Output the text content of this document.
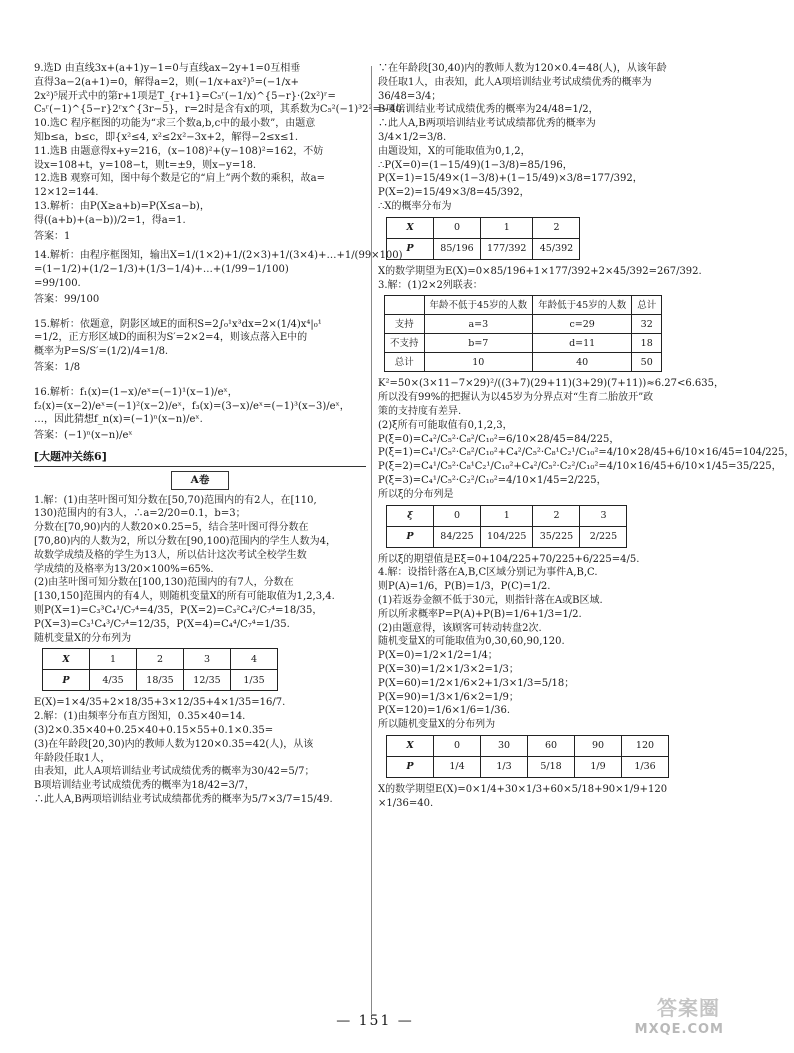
9.选D 由直线3x+(a+1)y−1=0与直线ax−2y+1=0互相垂

直得3a−2(a+1)=0，解得a=2，则(−1/x+ax²)⁵=(−1/x+

2x²)⁵展开式中的第r+1项是T_{r+1}=C₅ʳ(−1/x)^{5−r}·(2x²)ʳ=

C₅ʳ(−1)^{5−r}2ʳx^{3r−5}，r=2时是含有x的项，其系数为C₅²(−1)³2²=−40.

10.选C 程序框图的功能为“求三个数a,b,c中的最小数”，由题意

知b≤a，b≤c，即{x²≤4, x²≤2x²−3x+2，解得−2≤x≤1.

11.选B 由题意得x+y=216，(x−108)²+(y−108)²=162，不妨

设x=108+t，y=108−t，则t=±9，则x−y=18.

12.选B 观察可知，图中每个数是它的“肩上”两个数的乘积，故a=

12×12=144.

13.解析：由P(X≥a+b)=P(X≤a−b)，

得((a+b)+(a−b))/2=1，得a=1.

答案：1

14.解析：由程序框图知，输出X=1/(1×2)+1/(2×3)+1/(3×4)+…+1/(99×100)

=(1−1/2)+(1/2−1/3)+(1/3−1/4)+…+(1/99−1/100)

=99/100.

答案：99/100

15.解析：依题意，阴影区域E的面积S=2∫₀¹x³dx=2×(1/4)x⁴|₀¹

=1/2，正方形区域D的面积为S′=2×2=4，则该点落入E中的

概率为P=S/S′=(1/2)/4=1/8.

答案：1/8

16.解析：f₁(x)=(1−x)/eˣ=(−1)¹(x−1)/eˣ，

f₂(x)=(x−2)/eˣ=(−1)²(x−2)/eˣ，f₃(x)=(3−x)/eˣ=(−1)³(x−3)/eˣ，

…，因此猜想f_n(x)=(−1)ⁿ(x−n)/eˣ.

答案：(−1)ⁿ(x−n)/eˣ

[大题冲关练6]
A卷

1.解：(1)由茎叶图可知分数在[50,70)范围内的有2人，在[110,

130)范围内的有3人，∴a=2/20=0.1，b=3；

分数在[70,90)内的人数20×0.25=5，结合茎叶图可得分数在

[70,80)内的人数为2，所以分数在[90,100)范围内的学生人数为4，

故数学成绩及格的学生为13人，所以估计这次考试全校学生数

学成绩的及格率为13/20×100%=65%.

(2)由茎叶图可知分数在[100,130)范围内的有7人，分数在

[130,150]范围内的有4人，则随机变量X的所有可能取值为1,2,3,4.

则P(X=1)=C₃³C₄¹/C₇⁴=4/35，P(X=2)=C₃²C₄²/C₇⁴=18/35，

P(X=3)=C₃¹C₄³/C₇⁴=12/35，P(X=4)=C₄⁴/C₇⁴=1/35.

随机变量X的分布列为

X	1	2	3	4
P	4/35	18/35	12/35	1/35

E(X)=1×4/35+2×18/35+3×12/35+4×1/35=16/7.

2.解：(1)由频率分布直方图知，0.35×40=14.

(3)2×0.35×40+0.25×40+0.15×55+0.1×0.35=

(3)在年龄段[20,30)内的教师人数为120×0.35=42(人)，从该

年龄段任取1人，

由表知，此人A项培训结业考试成绩优秀的概率为30/42=5/7；

B项培训结业考试成绩优秀的概率为18/42=3/7，

∴此人A,B两项培训结业考试成绩都优秀的概率为5/7×3/7=15/49.

∵在年龄段[30,40)内的教师人数为120×0.4=48(人)，从该年龄

段任取1人，由表知，此人A项培训结业考试成绩优秀的概率为

36/48=3/4；

B项培训结业考试成绩优秀的概率为24/48=1/2，

∴此人A,B两项培训结业考试成绩都优秀的概率为

3/4×1/2=3/8.

由题设知，X的可能取值为0,1,2，

∴P(X=0)=(1−15/49)(1−3/8)=85/196，

P(X=1)=15/49×(1−3/8)+(1−15/49)×3/8=177/392，

P(X=2)=15/49×3/8=45/392，

∴X的概率分布为

X	0	1	2
P	85/196	177/392	45/392

X的数学期望为E(X)=0×85/196+1×177/392+2×45/392=267/392.

3.解：(1)2×2列联表：

	年龄不低于45岁的人数	年龄低于45岁的人数	总计
支持	a=3	c=29	32
不支持	b=7	d=11	18
总计	10	40	50

K²=50×(3×11−7×29)²/((3+7)(29+11)(3+29)(7+11))≈6.27<6.635，

所以没有99%的把握认为以45岁为分界点对“生育二胎放开”政

策的支持度有差异.

(2)ξ所有可能取值有0,1,2,3，

P(ξ=0)=C₄²/C₅²·C₈²/C₁₀²=6/10×28/45=84/225，

P(ξ=1)=C₄¹/C₅²·C₈²/C₁₀²+C₄²/C₅²·C₈¹C₂¹/C₁₀²=4/10×28/45+6/10×16/45=104/225，

P(ξ=2)=C₄¹/C₅²·C₈¹C₂¹/C₁₀²+C₄²/C₅²·C₂²/C₁₀²=4/10×16/45+6/10×1/45=35/225，

P(ξ=3)=C₄¹/C₅²·C₂²/C₁₀²=4/10×1/45=2/225，

所以ξ的分布列是

ξ	0	1	2	3
P	84/225	104/225	35/225	2/225

所以ξ的期望值是Eξ=0+104/225+70/225+6/225=4/5.

4.解：设指针落在A,B,C区域分别记为事件A,B,C.

则P(A)=1/6，P(B)=1/3，P(C)=1/2.

(1)若返券金额不低于30元，则指针落在A或B区域.

所以所求概率P=P(A)+P(B)=1/6+1/3=1/2.

(2)由题意得，该顾客可转动转盘2次.

随机变量X的可能取值为0,30,60,90,120.

P(X=0)=1/2×1/2=1/4；

P(X=30)=1/2×1/3×2=1/3；

P(X=60)=1/2×1/6×2+1/3×1/3=5/18；

P(X=90)=1/3×1/6×2=1/9；

P(X=120)=1/6×1/6=1/36.

所以随机变量X的分布列为

X	0	30	60	90	120
P	1/4	1/3	5/18	1/9	1/36

X的数学期望E(X)=0×1/4+30×1/3+60×5/18+90×1/9+120

×1/36=40.

— 151 —
答案圈
MXQE.COM
